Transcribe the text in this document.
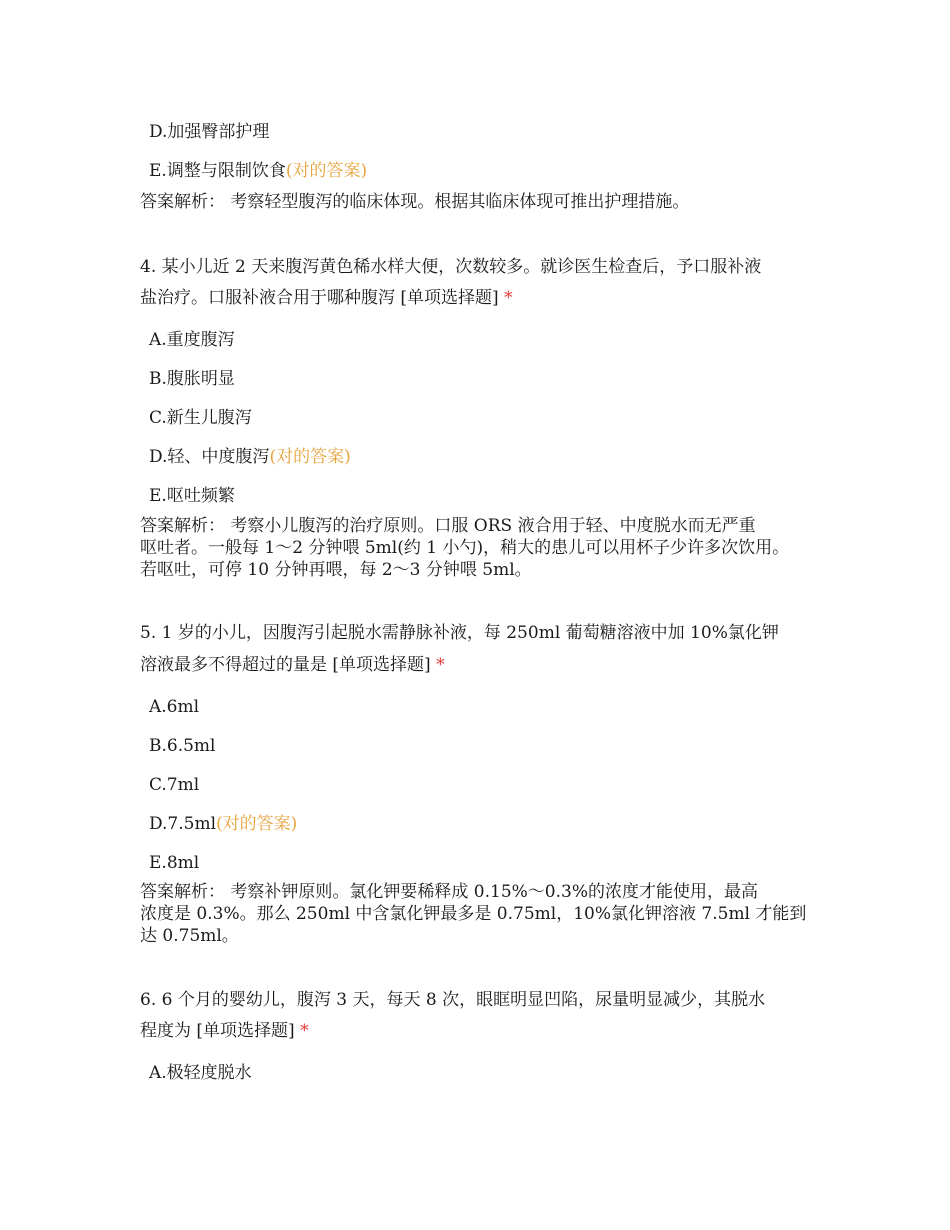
D.加强臀部护理
E.调整与限制饮食(对的答案)
答案解析： 考察轻型腹泻的临床体现。根据其临床体现可推出护理措施。
4. 某小儿近 2 天来腹泻黄色稀水样大便，次数较多。就诊医生检查后，予口服补液
盐治疗。口服补液合用于哪种腹泻 [单项选择题] *
A.重度腹泻
B.腹胀明显
C.新生儿腹泻
D.轻、中度腹泻(对的答案)
E.呕吐频繁
答案解析： 考察小儿腹泻的治疗原则。口服 ORS 液合用于轻、中度脱水而无严重
呕吐者。一般每 1～2 分钟喂 5ml(约 1 小勺)，稍大的患儿可以用杯子少许多次饮用。
若呕吐，可停 10 分钟再喂，每 2～3 分钟喂 5ml。
5. 1 岁的小儿，因腹泻引起脱水需静脉补液，每 250ml 葡萄糖溶液中加 10%氯化钾
溶液最多不得超过的量是 [单项选择题] *
A.6ml
B.6.5ml
C.7ml
D.7.5ml(对的答案)
E.8ml
答案解析： 考察补钾原则。氯化钾要稀释成 0.15%～0.3%的浓度才能使用，最高
浓度是 0.3%。那么 250ml 中含氯化钾最多是 0.75ml，10%氯化钾溶液 7.5ml 才能到
达 0.75ml。
6. 6 个月的婴幼儿，腹泻 3 天，每天 8 次，眼眶明显凹陷，尿量明显减少，其脱水
程度为 [单项选择题] *
A.极轻度脱水
